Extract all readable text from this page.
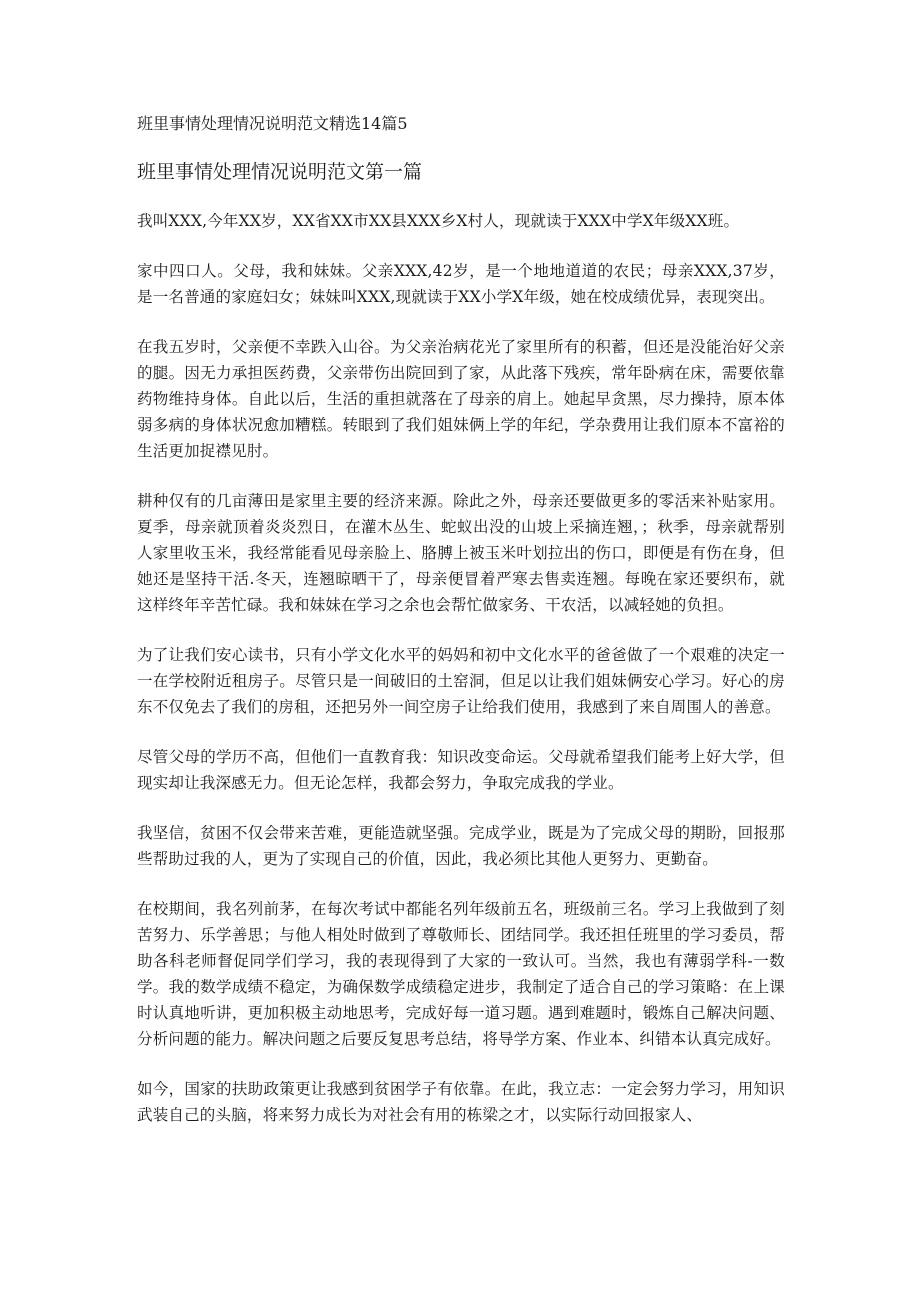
班里事情处理情况说明范文精选14篇5
班里事情处理情况说明范文第一篇

我叫XXX,今年XX岁，XX省XX市XX县XXX乡X村人，现就读于XXX中学X年级XX班。

家中四口人。父母，我和妹妹。父亲XXX,42岁，是一个地地道道的农民；母亲XXX,37岁，是一名普通的家庭妇女；妹妹叫XXX,现就读于XX小学X年级，她在校成绩优异，表现突出。

在我五岁时，父亲便不幸跌入山谷。为父亲治病花光了家里所有的积蓄，但还是没能治好父亲的腿。因无力承担医药费，父亲带伤出院回到了家，从此落下残疾，常年卧病在床，需要依靠药物维持身体。自此以后，生活的重担就落在了母亲的肩上。她起早贪黑，尽力操持，原本体弱多病的身体状况愈加糟糕。转眼到了我们姐妹俩上学的年纪，学杂费用让我们原本不富裕的生活更加捉襟见肘。

耕种仅有的几亩薄田是家里主要的经济来源。除此之外，母亲还要做更多的零活来补贴家用。夏季，母亲就顶着炎炎烈日，在灌木丛生、蛇蚁出没的山坡上采摘连翘，；秋季，母亲就帮别人家里收玉米，我经常能看见母亲脸上、胳膊上被玉米叶划拉出的伤口，即便是有伤在身，但她还是坚持干活.冬天，连翘晾晒干了，母亲便冒着严寒去售卖连翘。每晚在家还要织布，就这样终年辛苦忙碌。我和妹妹在学习之余也会帮忙做家务、干农活，以减轻她的负担。

为了让我们安心读书，只有小学文化水平的妈妈和初中文化水平的爸爸做了一个艰难的决定一一在学校附近租房子。尽管只是一间破旧的土窑洞，但足以让我们姐妹俩安心学习。好心的房东不仅免去了我们的房租，还把另外一间空房子让给我们使用，我感到了来自周围人的善意。

尽管父母的学历不高，但他们一直教育我：知识改变命运。父母就希望我们能考上好大学，但现实却让我深感无力。但无论怎样，我都会努力，争取完成我的学业。

我坚信，贫困不仅会带来苦难，更能造就坚强。完成学业，既是为了完成父母的期盼，回报那些帮助过我的人，更为了实现自己的价值，因此，我必须比其他人更努力、更勤奋。

在校期间，我名列前茅，在每次考试中都能名列年级前五名，班级前三名。学习上我做到了刻苦努力、乐学善思；与他人相处时做到了尊敬师长、团结同学。我还担任班里的学习委员，帮助各科老师督促同学们学习，我的表现得到了大家的一致认可。当然，我也有薄弱学科-一数学。我的数学成绩不稳定，为确保数学成绩稳定进步，我制定了适合自己的学习策略：在上课时认真地听讲，更加积极主动地思考，完成好每一道习题。遇到难题时，锻炼自己解决问题、分析问题的能力。解决问题之后要反复思考总结，将导学方案、作业本、纠错本认真完成好。

如今，国家的扶助政策更让我感到贫困学子有依靠。在此，我立志：一定会努力学习，用知识武装自己的头脑，将来努力成长为对社会有用的栋梁之才，以实际行动回报家人、
